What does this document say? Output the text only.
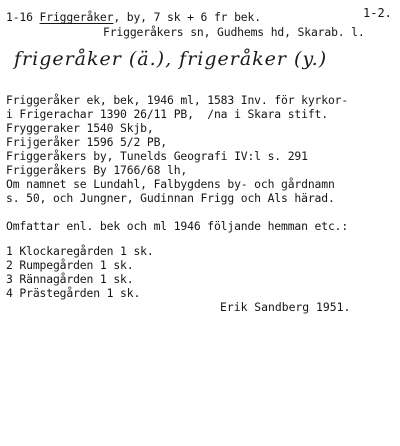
1-2.
1-16 Friggeråker, by, 7 sk + 6 fr bek.
Friggeråkers sn, Gudhems hd, Skarab. l.
frigeråker (ä.), frigeråker (y.)
Friggeråker ek, bek, 1946 ml, 1583 Inv. för kyrkor-
i Frigerachar 1390 26/11 PB,  /na i Skara stift.
Fryggeraker 1540 Skjb,
Frijgeråker 1596 5/2 PB,
Friggeråkers by, Tunelds Geografi IV:l s. 291
Friggeråkers By 1766/68 lh,
Om namnet se Lundahl, Falbygdens by- och gårdnamn
s. 50, och Jungner, Gudinnan Frigg och Als härad.
Omfattar enl. bek och ml 1946 följande hemman etc.:
1 Klockaregården 1 sk.
2 Rumpegården 1 sk.
3 Rännagården 1 sk.
4 Prästegården 1 sk.
Erik Sandberg 1951.
